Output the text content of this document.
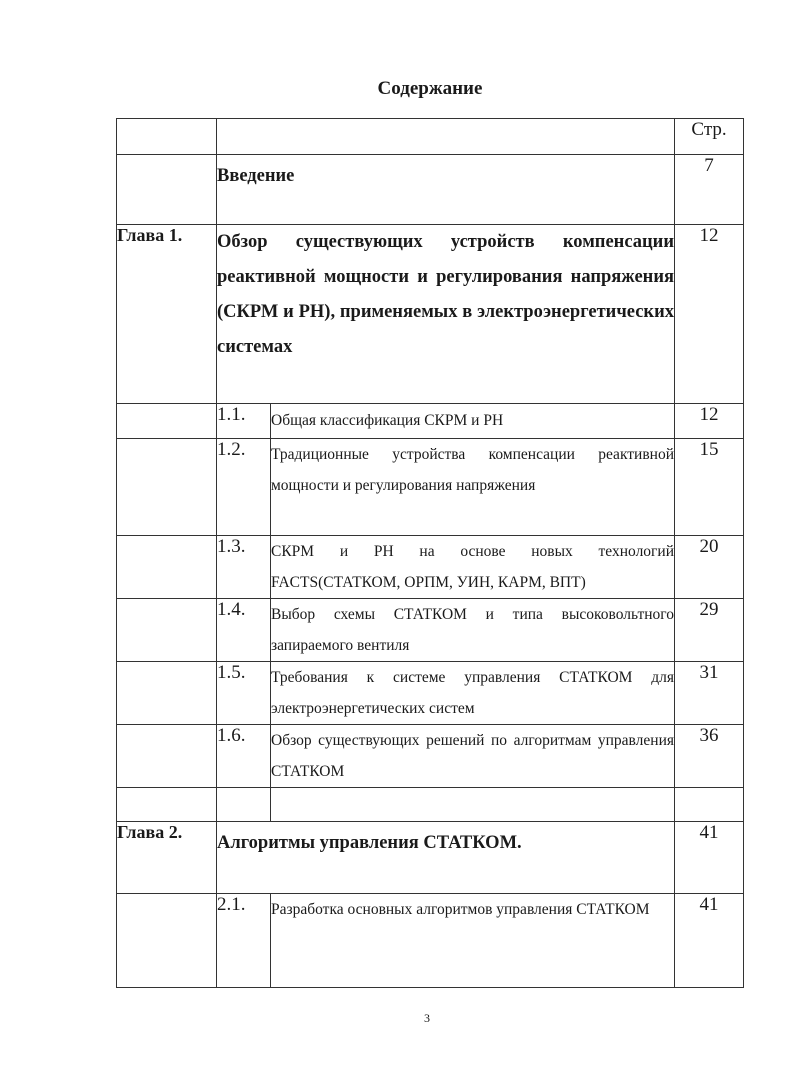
Содержание
			Стр.
	Введение		7
Глава 1.	Обзор существующих устройств компенсации реактивной мощности и регулирования напряжения (СКРМ и РН), применяемых в электроэнергетических системах		12
	1.1.	Общая классификация СКРМ и РН	12
	1.2.	Традиционные устройства компенсации реактивной мощности и регулирования напряжения	15
	1.3.	СКРМ и РН на основе новых технологий FACTS(СТАТКОМ, ОРПМ, УИН, КАРМ, ВПТ)	20
	1.4.	Выбор схемы СТАТКОМ и типа высоковольтного запираемого вентиля	29
	1.5.	Требования к системе управления СТАТКОМ для электроэнергетических систем	31
	1.6.	Обзор существующих решений по алгоритмам управления СТАТКОМ	36

Глава 2.	Алгоритмы управления СТАТКОМ.		41
	2.1.	Разработка основных алгоритмов управления СТАТКОМ	41
3
